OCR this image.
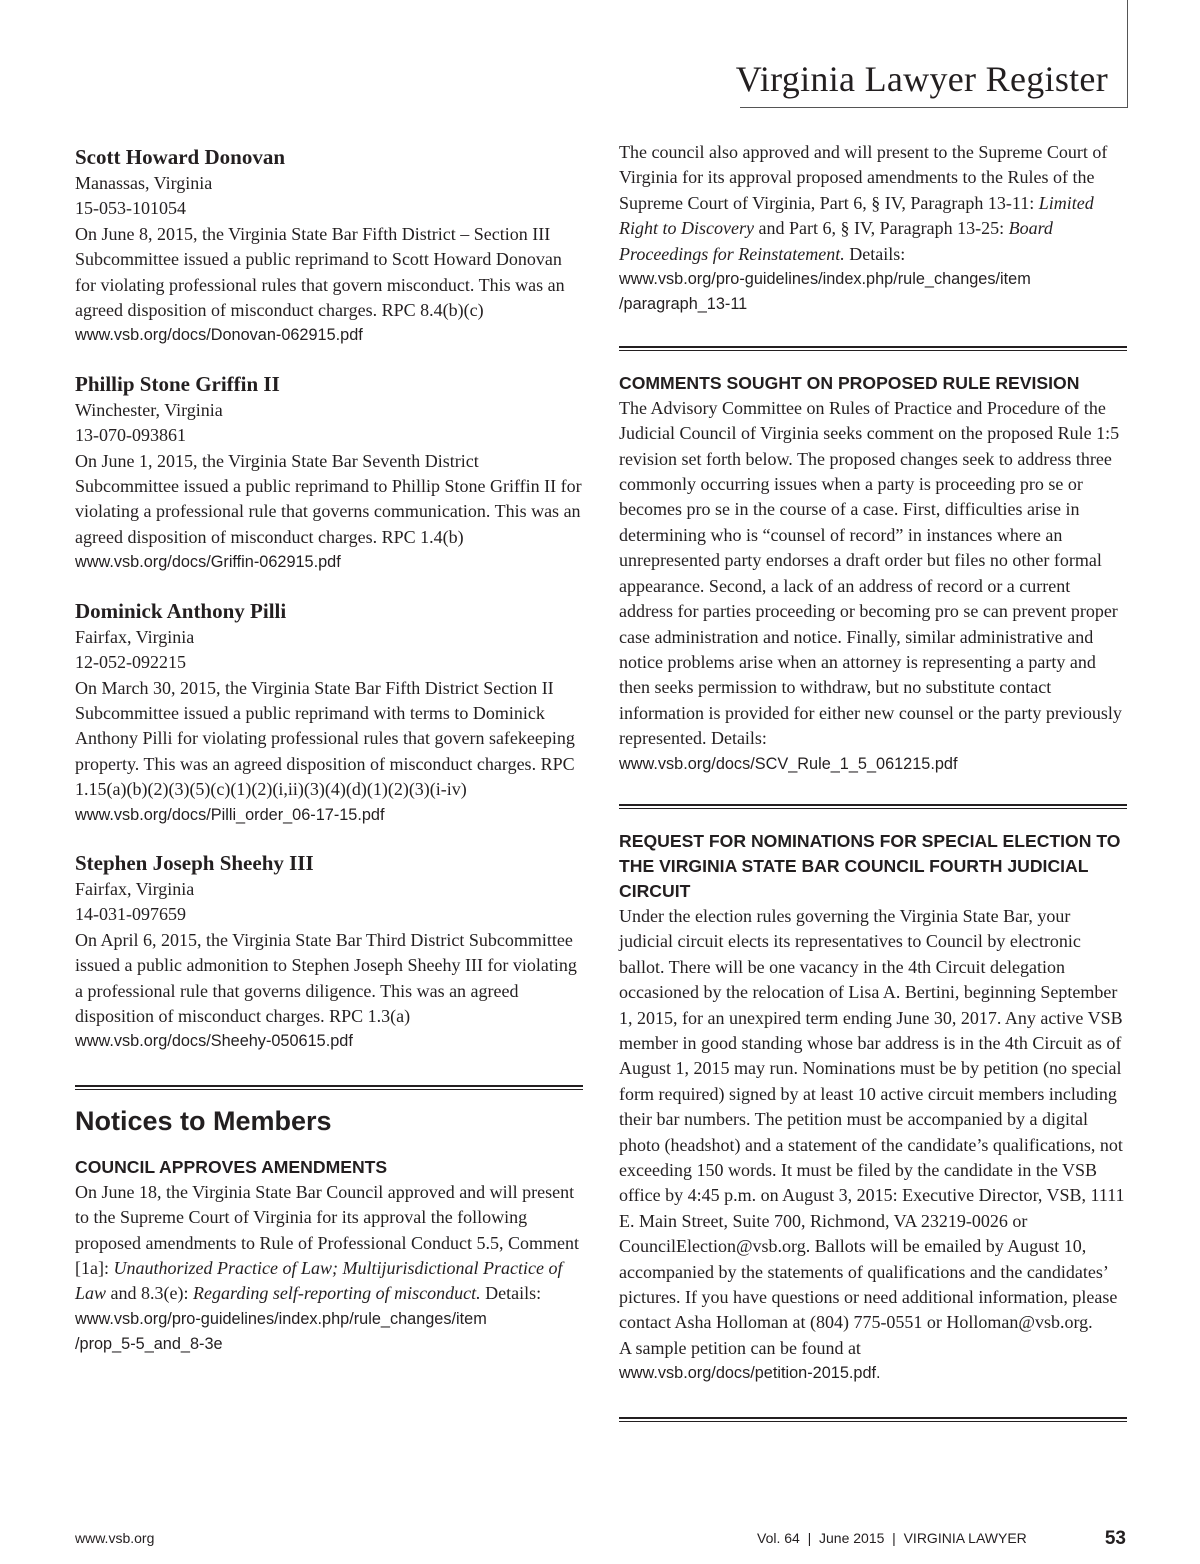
Virginia Lawyer Register
Scott Howard Donovan
Manassas, Virginia
15-053-101054
On June 8, 2015, the Virginia State Bar Fifth District – Section III Subcommittee issued a public reprimand to Scott Howard Donovan for violating professional rules that govern misconduct. This was an agreed disposition of misconduct charges. RPC 8.4(b)(c)
www.vsb.org/docs/Donovan-062915.pdf
Phillip Stone Griffin II
Winchester, Virginia
13-070-093861
On June 1, 2015, the Virginia State Bar Seventh District Subcommittee issued a public reprimand to Phillip Stone Griffin II for violating a professional rule that governs communication. This was an agreed disposition of misconduct charges. RPC 1.4(b)
www.vsb.org/docs/Griffin-062915.pdf
Dominick Anthony Pilli
Fairfax, Virginia
12-052-092215
On March 30, 2015, the Virginia State Bar Fifth District Section II Subcommittee issued a public reprimand with terms to Dominick Anthony Pilli for violating professional rules that govern safekeeping property. This was an agreed disposition of misconduct charges. RPC 1.15(a)(b)(2)(3)(5)(c)(1)(2)(i,ii)(3)(4)(d)(1)(2)(3)(i-iv)
www.vsb.org/docs/Pilli_order_06-17-15.pdf
Stephen Joseph Sheehy III
Fairfax, Virginia
14-031-097659
On April 6, 2015, the Virginia State Bar Third District Subcommittee issued a public admonition to Stephen Joseph Sheehy III for violating a professional rule that governs diligence. This was an agreed disposition of misconduct charges. RPC 1.3(a)
www.vsb.org/docs/Sheehy-050615.pdf
Notices to Members
COUNCIL APPROVES AMENDMENTS
On June 18, the Virginia State Bar Council approved and will present to the Supreme Court of Virginia for its approval the following proposed amendments to Rule of Professional Conduct 5.5, Comment [1a]: Unauthorized Practice of Law; Multijurisdictional Practice of Law and 8.3(e): Regarding self-reporting of misconduct. Details:
www.vsb.org/pro-guidelines/index.php/rule_changes/item
/prop_5-5_and_8-3e
The council also approved and will present to the Supreme Court of Virginia for its approval proposed amendments to the Rules of the Supreme Court of Virginia, Part 6, § IV, Paragraph 13-11: Limited Right to Discovery and Part 6, § IV, Paragraph 13-25: Board Proceedings for Reinstatement. Details:
www.vsb.org/pro-guidelines/index.php/rule_changes/item
/paragraph_13-11
COMMENTS SOUGHT ON PROPOSED RULE REVISION
The Advisory Committee on Rules of Practice and Procedure of the Judicial Council of Virginia seeks comment on the proposed Rule 1:5 revision set forth below. The proposed changes seek to address three commonly occurring issues when a party is proceeding pro se or becomes pro se in the course of a case. First, difficulties arise in determining who is “counsel of record” in instances where an unrepresented party endorses a draft order but files no other formal appearance. Second, a lack of an address of record or a current address for parties proceeding or becoming pro se can prevent proper case administration and notice. Finally, similar administrative and notice problems arise when an attorney is representing a party and then seeks permission to withdraw, but no substitute contact information is provided for either new counsel or the party previously represented. Details:
www.vsb.org/docs/SCV_Rule_1_5_061215.pdf
REQUEST FOR NOMINATIONS FOR SPECIAL ELECTION TO THE VIRGINIA STATE BAR COUNCIL FOURTH JUDICIAL CIRCUIT
Under the election rules governing the Virginia State Bar, your judicial circuit elects its representatives to Council by electronic ballot. There will be one vacancy in the 4th Circuit delegation occasioned by the relocation of Lisa A. Bertini, beginning September 1, 2015, for an unexpired term ending June 30, 2017. Any active VSB member in good standing whose bar address is in the 4th Circuit as of August 1, 2015 may run. Nominations must be by petition (no special form required) signed by at least 10 active circuit members including their bar numbers. The petition must be accompanied by a digital photo (headshot) and a statement of the candidate’s qualifications, not exceeding 150 words. It must be filed by the candidate in the VSB office by 4:45 p.m. on August 3, 2015: Executive Director, VSB, 1111 E. Main Street, Suite 700, Richmond, VA 23219-0026 or CouncilElection@vsb.org. Ballots will be emailed by August 10, accompanied by the statements of qualifications and the candidates’ pictures. If you have questions or need additional information, please contact Asha Holloman at (804) 775-0551 or Holloman@vsb.org.
A sample petition can be found at
www.vsb.org/docs/petition-2015.pdf.
www.vsb.org	Vol. 64  |  June 2015  |  VIRGINIA LAWYER	53
